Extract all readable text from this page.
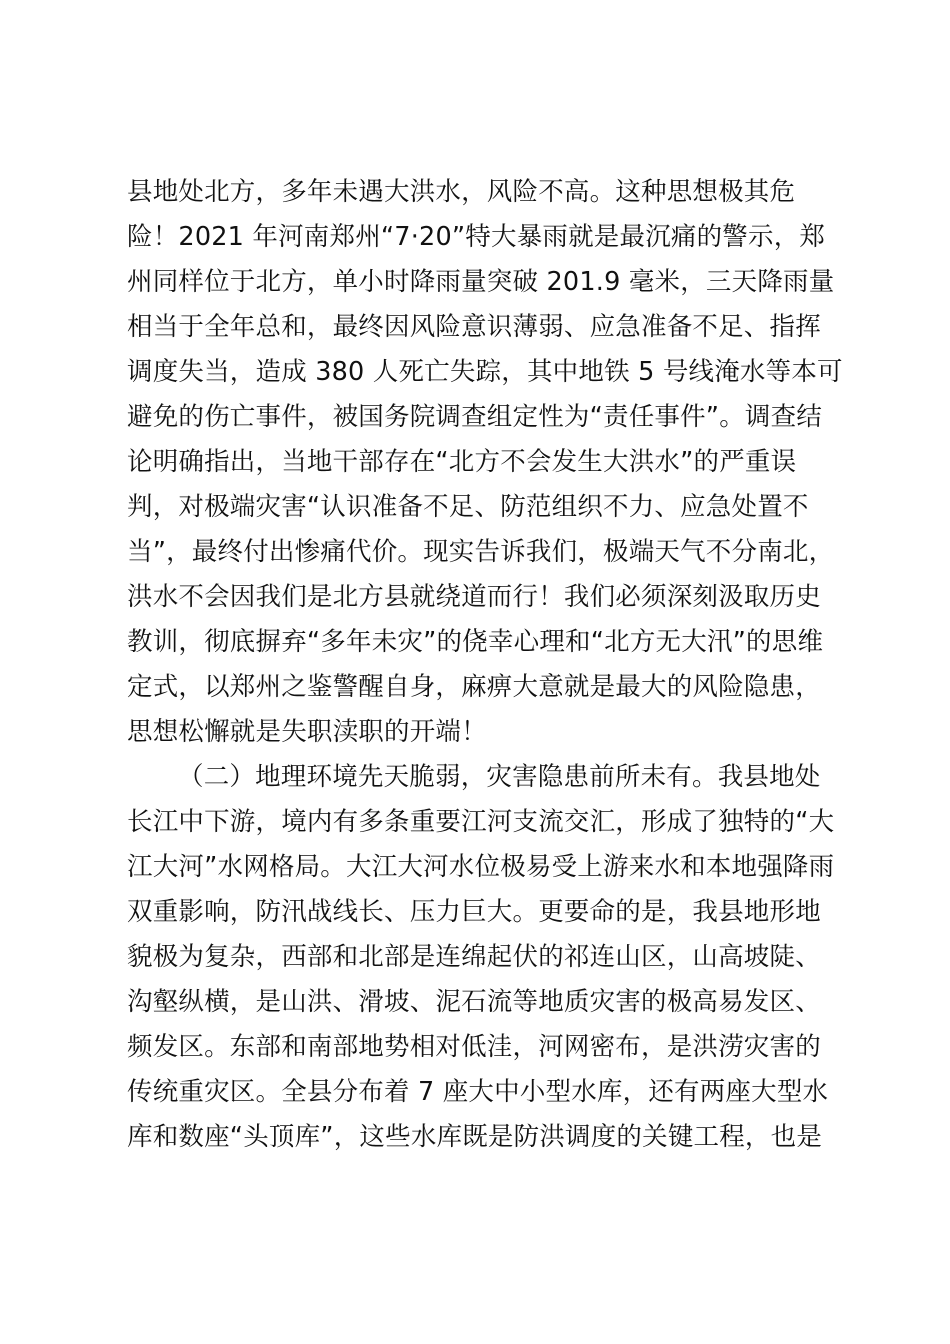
县地处北方，多年未遇大洪水，风险不高。这种思想极其危
险！2021 年河南郑州“7·20”特大暴雨就是最沉痛的警示，郑
州同样位于北方，单小时降雨量突破 201.9 毫米，三天降雨量
相当于全年总和，最终因风险意识薄弱、应急准备不足、指挥
调度失当，造成 380 人死亡失踪，其中地铁 5 号线淹水等本可
避免的伤亡事件，被国务院调查组定性为“责任事件”。调查结
论明确指出，当地干部存在“北方不会发生大洪水”的严重误
判，对极端灾害“认识准备不足、防范组织不力、应急处置不
当”，最终付出惨痛代价。现实告诉我们，极端天气不分南北，
洪水不会因我们是北方县就绕道而行！我们必须深刻汲取历史
教训，彻底摒弃“多年未灾”的侥幸心理和“北方无大汛”的思维
定式，以郑州之鉴警醒自身，麻痹大意就是最大的风险隐患，
思想松懈就是失职渎职的开端！
（二）地理环境先天脆弱，灾害隐患前所未有。我县地处
长江中下游，境内有多条重要江河支流交汇，形成了独特的“大
江大河”水网格局。大江大河水位极易受上游来水和本地强降雨
双重影响，防汛战线长、压力巨大。更要命的是，我县地形地
貌极为复杂，西部和北部是连绵起伏的祁连山区，山高坡陡、
沟壑纵横，是山洪、滑坡、泥石流等地质灾害的极高易发区、
频发区。东部和南部地势相对低洼，河网密布，是洪涝灾害的
传统重灾区。全县分布着 7 座大中小型水库，还有两座大型水
库和数座“头顶库”，这些水库既是防洪调度的关键工程，也是
